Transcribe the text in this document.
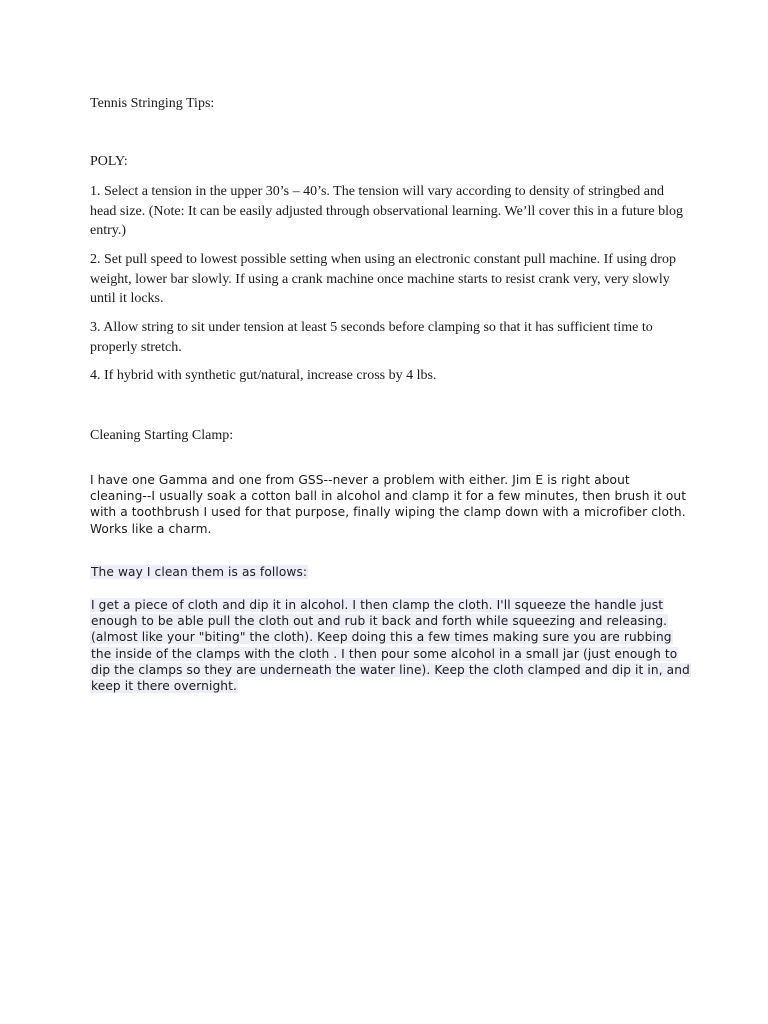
Tennis Stringing Tips:

POLY:

1. Select a tension in the upper 30’s – 40’s. The tension will vary according to density of stringbed and head size. (Note: It can be easily adjusted through observational learning. We’ll cover this in a future blog entry.)

2. Set pull speed to lowest possible setting when using an electronic constant pull machine. If using drop weight, lower bar slowly. If using a crank machine once machine starts to resist crank very, very slowly until it locks.

3. Allow string to sit under tension at least 5 seconds before clamping so that it has sufficient time to properly stretch.

4. If hybrid with synthetic gut/natural, increase cross by 4 lbs.

Cleaning Starting Clamp:

I have one Gamma and one from GSS--never a problem with either. Jim E is right about cleaning--I usually soak a cotton ball in alcohol and clamp it for a few minutes, then brush it out with a toothbrush I used for that purpose, finally wiping the clamp down with a microfiber cloth. Works like a charm.

The way I clean them is as follows:

I get a piece of cloth and dip it in alcohol. I then clamp the cloth. I'll squeeze the handle just enough to be able pull the cloth out and rub it back and forth while squeezing and releasing. (almost like your "biting" the cloth). Keep doing this a few times making sure you are rubbing the inside of the clamps with the cloth . I then pour some alcohol in a small jar (just enough to dip the clamps so they are underneath the water line). Keep the cloth clamped and dip it in, and keep it there overnight.
